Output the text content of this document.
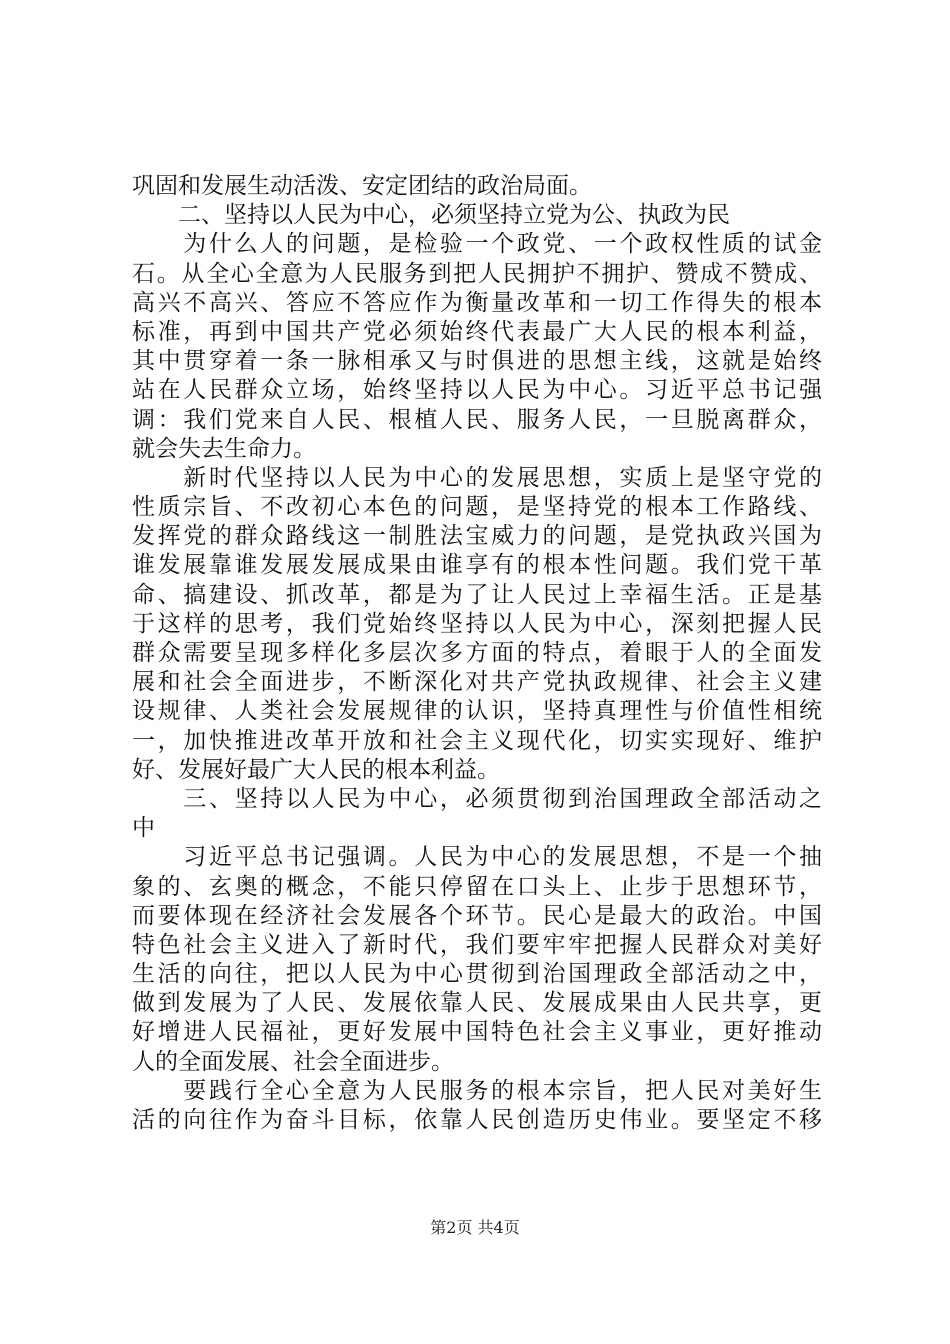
巩固和发展生动活泼、安定团结的政治局面。
　　二、坚持以人民为中心，必须坚持立党为公、执政为民
　　为什么人的问题，是检验一个政党、一个政权性质的试金
石。从全心全意为人民服务到把人民拥护不拥护、赞成不赞成、
高兴不高兴、答应不答应作为衡量改革和一切工作得失的根本
标准，再到中国共产党必须始终代表最广大人民的根本利益，
其中贯穿着一条一脉相承又与时俱进的思想主线，这就是始终
站在人民群众立场，始终坚持以人民为中心。习近平总书记强
调：我们党来自人民、根植人民、服务人民，一旦脱离群众，
就会失去生命力。
　　新时代坚持以人民为中心的发展思想，实质上是坚守党的
性质宗旨、不改初心本色的问题，是坚持党的根本工作路线、
发挥党的群众路线这一制胜法宝威力的问题，是党执政兴国为
谁发展靠谁发展发展成果由谁享有的根本性问题。我们党干革
命、搞建设、抓改革，都是为了让人民过上幸福生活。正是基
于这样的思考，我们党始终坚持以人民为中心，深刻把握人民
群众需要呈现多样化多层次多方面的特点，着眼于人的全面发
展和社会全面进步，不断深化对共产党执政规律、社会主义建
设规律、人类社会发展规律的认识，坚持真理性与价值性相统
一，加快推进改革开放和社会主义现代化，切实实现好、维护
好、发展好最广大人民的根本利益。
　　三、坚持以人民为中心，必须贯彻到治国理政全部活动之
中
　　习近平总书记强调。人民为中心的发展思想，不是一个抽
象的、玄奥的概念，不能只停留在口头上、止步于思想环节，
而要体现在经济社会发展各个环节。民心是最大的政治。中国
特色社会主义进入了新时代，我们要牢牢把握人民群众对美好
生活的向往，把以人民为中心贯彻到治国理政全部活动之中，
做到发展为了人民、发展依靠人民、发展成果由人民共享，更
好增进人民福祉，更好发展中国特色社会主义事业，更好推动
人的全面发展、社会全面进步。
　　要践行全心全意为人民服务的根本宗旨，把人民对美好生
活的向往作为奋斗目标，依靠人民创造历史伟业。要坚定不移
第2页 共4页
